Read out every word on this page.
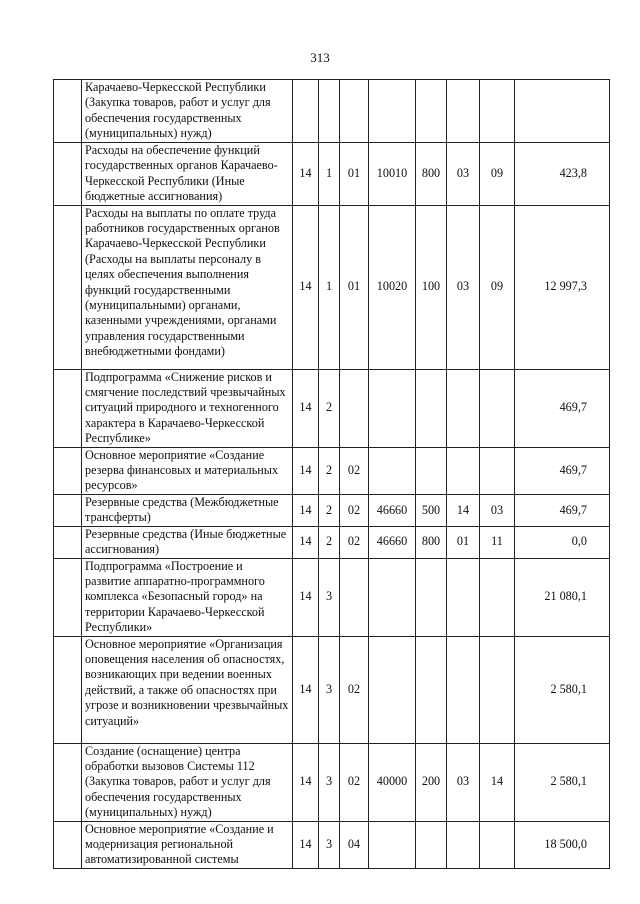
313
	Карачаево-Черкесской Республики (Закупка товаров, работ и услуг для обеспечения государственных (муниципальных) нужд)								
	Расходы на обеспечение функций государственных органов Карачаево-Черкесской Республики (Иные бюджетные ассигнования)	14	1	01	10010	800	03	09	423,8
	Расходы на выплаты по оплате труда работников государственных органов Карачаево-Черкесской Республики (Расходы на выплаты персоналу в целях обеспечения выполнения функций государственными (муниципальными) органами, казенными учреждениями, органами управления государственными внебюджетными фондами)	14	1	01	10020	100	03	09	12 997,3
	Подпрограмма «Снижение рисков и смягчение последствий чрезвычайных ситуаций природного и техногенного характера в Карачаево-Черкесской Республике»	14	2						469,7
	Основное мероприятие «Создание резерва финансовых и материальных ресурсов»	14	2	02					469,7
	Резервные средства (Межбюджетные трансферты)	14	2	02	46660	500	14	03	469,7
	Резервные средства (Иные бюджетные ассигнования)	14	2	02	46660	800	01	11	0,0
	Подпрограмма «Построение и развитие аппаратно-программного комплекса «Безопасный город» на территории Карачаево-Черкесской Республики»	14	3						21 080,1
	Основное мероприятие «Организация оповещения населения об опасностях, возникающих при ведении военных действий, а также об опасностях при угрозе и возникновении чрезвычайных ситуаций»	14	3	02					2 580,1
	Создание (оснащение) центра обработки вызовов Системы 112 (Закупка товаров, работ и услуг для обеспечения государственных (муниципальных) нужд)	14	3	02	40000	200	03	14	2 580,1
	Основное мероприятие «Создание и модернизация региональной автоматизированной системы	14	3	04					18 500,0
